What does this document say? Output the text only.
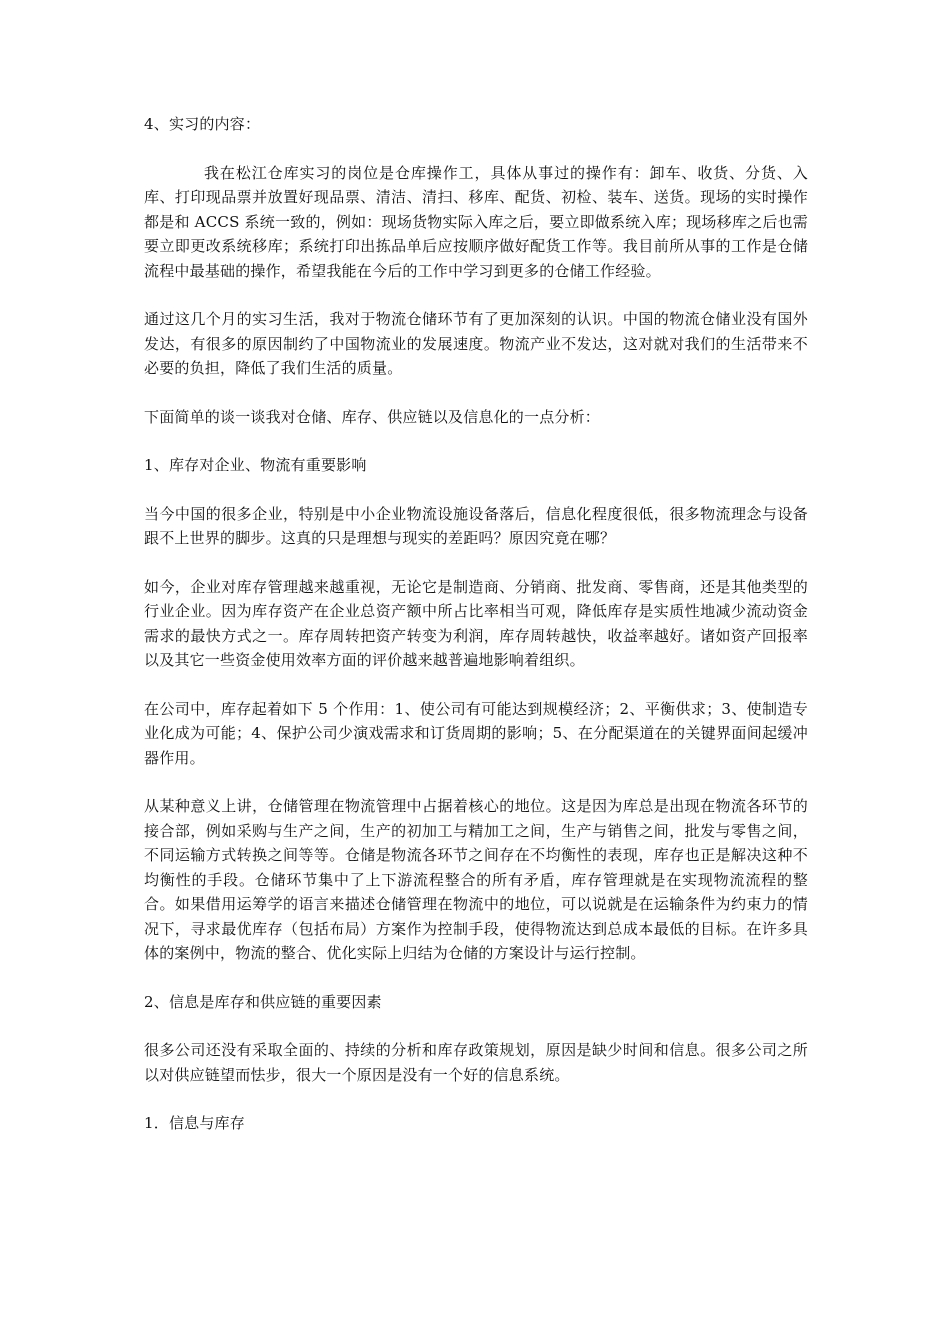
4、实习的内容：
我在松江仓库实习的岗位是仓库操作工，具体从事过的操作有：卸车、收货、分货、入库、打印现品票并放置好现品票、清洁、清扫、移库、配货、初检、装车、送货。现场的实时操作都是和 ACCS 系统一致的，例如：现场货物实际入库之后，要立即做系统入库；现场移库之后也需要立即更改系统移库；系统打印出拣品单后应按顺序做好配货工作等。我目前所从事的工作是仓储流程中最基础的操作，希望我能在今后的工作中学习到更多的仓储工作经验。
通过这几个月的实习生活，我对于物流仓储环节有了更加深刻的认识。中国的物流仓储业没有国外发达，有很多的原因制约了中国物流业的发展速度。物流产业不发达，这对就对我们的生活带来不必要的负担，降低了我们生活的质量。
下面简单的谈一谈我对仓储、库存、供应链以及信息化的一点分析：
1、库存对企业、物流有重要影响
当今中国的很多企业，特别是中小企业物流设施设备落后，信息化程度很低，很多物流理念与设备跟不上世界的脚步。这真的只是理想与现实的差距吗？原因究竟在哪？
如今，企业对库存管理越来越重视，无论它是制造商、分销商、批发商、零售商，还是其他类型的行业企业。因为库存资产在企业总资产额中所占比率相当可观，降低库存是实质性地减少流动资金需求的最快方式之一。库存周转把资产转变为利润，库存周转越快，收益率越好。诸如资产回报率以及其它一些资金使用效率方面的评价越来越普遍地影响着组织。
在公司中，库存起着如下 5 个作用：1、使公司有可能达到规模经济；2、平衡供求；3、使制造专业化成为可能；4、保护公司少演戏需求和订货周期的影响；5、在分配渠道在的关键界面间起缓冲器作用。
从某种意义上讲，仓储管理在物流管理中占据着核心的地位。这是因为库总是出现在物流各环节的接合部，例如采购与生产之间，生产的初加工与精加工之间，生产与销售之间，批发与零售之间，不同运输方式转换之间等等。仓储是物流各环节之间存在不均衡性的表现，库存也正是解决这种不均衡性的手段。仓储环节集中了上下游流程整合的所有矛盾，库存管理就是在实现物流流程的整合。如果借用运筹学的语言来描述仓储管理在物流中的地位，可以说就是在运输条件为约束力的情况下，寻求最优库存（包括布局）方案作为控制手段，使得物流达到总成本最低的目标。在许多具体的案例中，物流的整合、优化实际上归结为仓储的方案设计与运行控制。
2、信息是库存和供应链的重要因素
很多公司还没有采取全面的、持续的分析和库存政策规划，原因是缺少时间和信息。很多公司之所以对供应链望而怯步，很大一个原因是没有一个好的信息系统。
1．信息与库存
